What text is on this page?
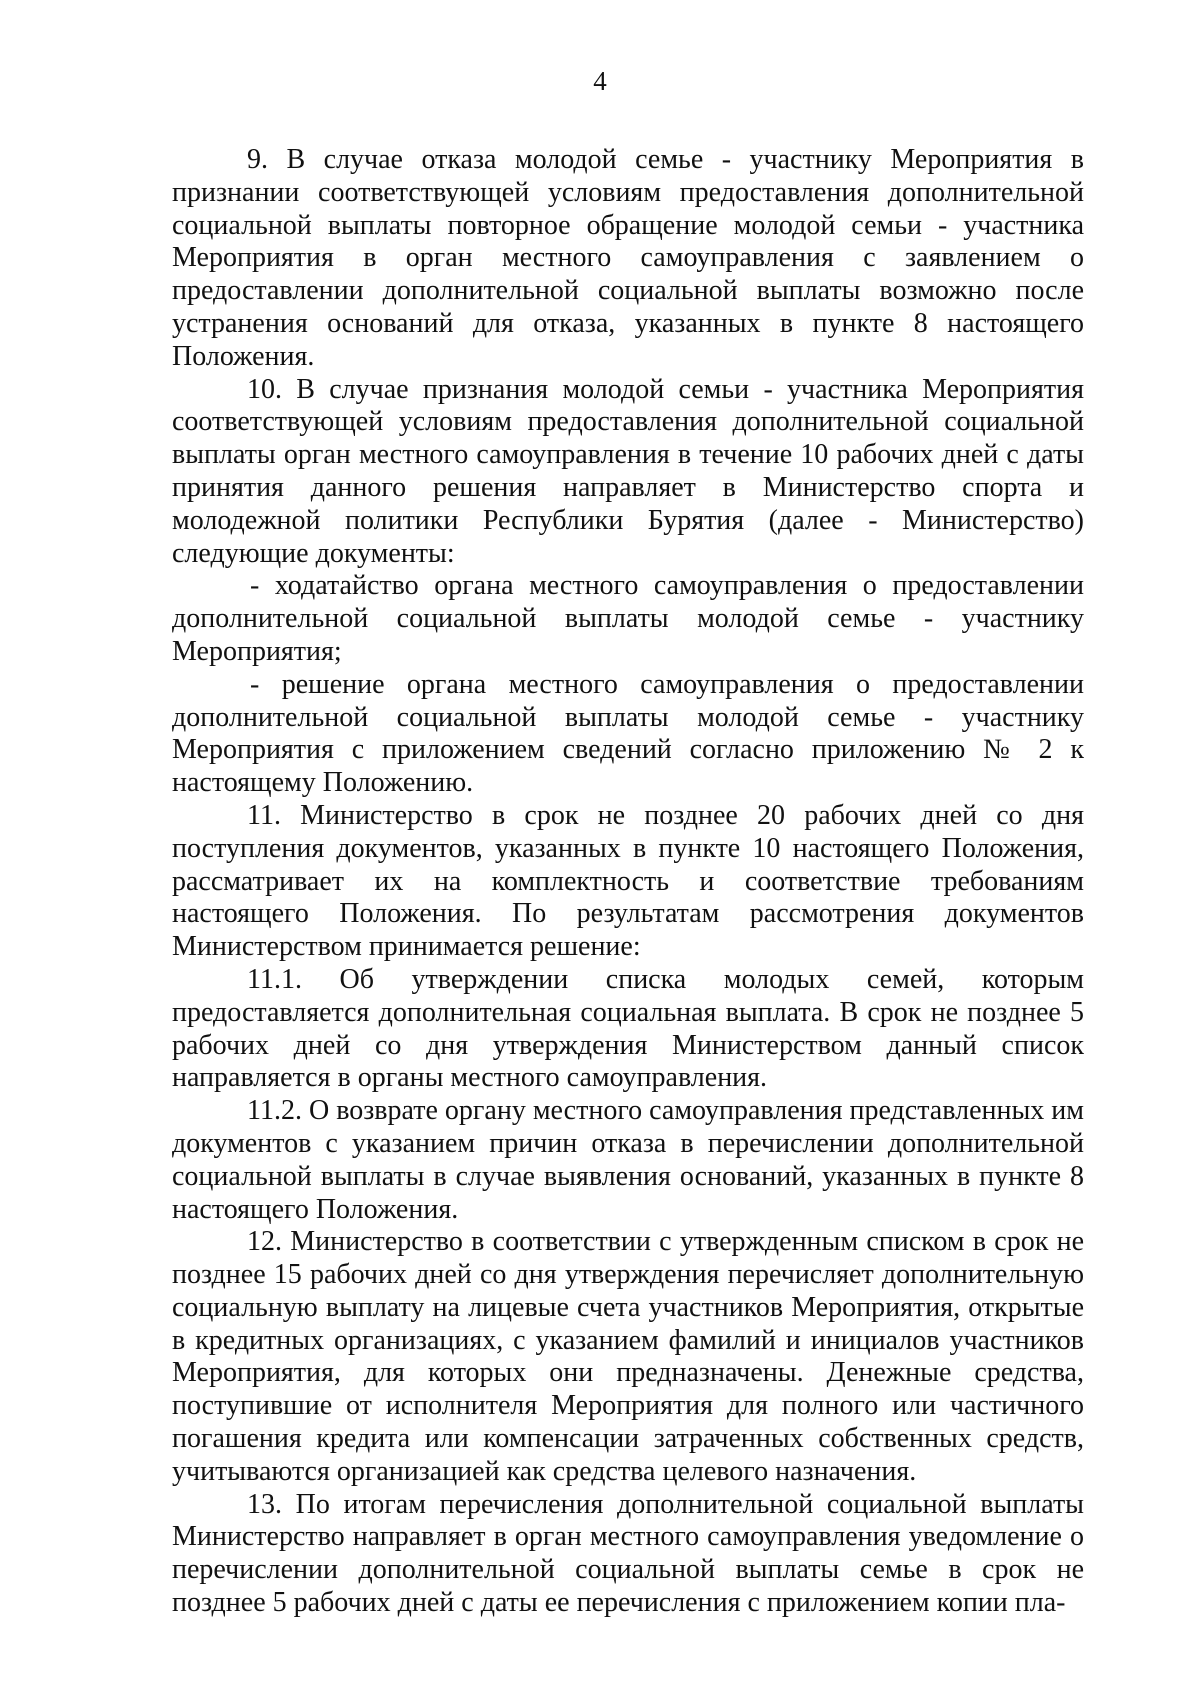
4

9. В случае отказа молодой семье - участнику Мероприятия в признании соответствующей условиям предоставления дополнительной социальной выплаты повторное обращение молодой семьи - участника Мероприятия в орган местного самоуправления с заявлением о предоставлении дополнительной социальной выплаты возможно после устранения оснований для отказа, указанных в пункте 8 настоящего Положения.

10. В случае признания молодой семьи - участника Мероприятия соответствующей условиям предоставления дополнительной социальной выплаты орган местного самоуправления в течение 10 рабочих дней с даты принятия данного решения направляет в Министерство спорта и молодежной политики Республики Бурятия (далее - Министерство) следующие документы:

- ходатайство органа местного самоуправления о предоставлении дополнительной социальной выплаты молодой семье - участнику Мероприятия;

- решение органа местного самоуправления о предоставлении дополнительной социальной выплаты молодой семье - участнику Мероприятия с приложением сведений согласно приложению № 2 к настоящему Положению.

11. Министерство в срок не позднее 20 рабочих дней со дня поступления документов, указанных в пункте 10 настоящего Положения, рассматривает их на комплектность и соответствие требованиям настоящего Положения. По результатам рассмотрения документов Министерством принимается решение:

11.1. Об утверждении списка молодых семей, которым предоставляется дополнительная социальная выплата. В срок не позднее 5 рабочих дней со дня утверждения Министерством данный список направляется в органы местного самоуправления.

11.2. О возврате органу местного самоуправления представленных им документов с указанием причин отказа в перечислении дополнительной социальной выплаты в случае выявления оснований, указанных в пункте 8 настоящего Положения.

12. Министерство в соответствии с утвержденным списком в срок не позднее 15 рабочих дней со дня утверждения перечисляет дополнительную социальную выплату на лицевые счета участников Мероприятия, открытые в кредитных организациях, с указанием фамилий и инициалов участников Мероприятия, для которых они предназначены. Денежные средства, поступившие от исполнителя Мероприятия для полного или частичного погашения кредита или компенсации затраченных собственных средств, учитываются организацией как средства целевого назначения.

13. По итогам перечисления дополнительной социальной выплаты Министерство направляет в орган местного самоуправления уведомление о перечислении дополнительной социальной выплаты семье в срок не позднее 5 рабочих дней с даты ее перечисления с приложением копии пла-
